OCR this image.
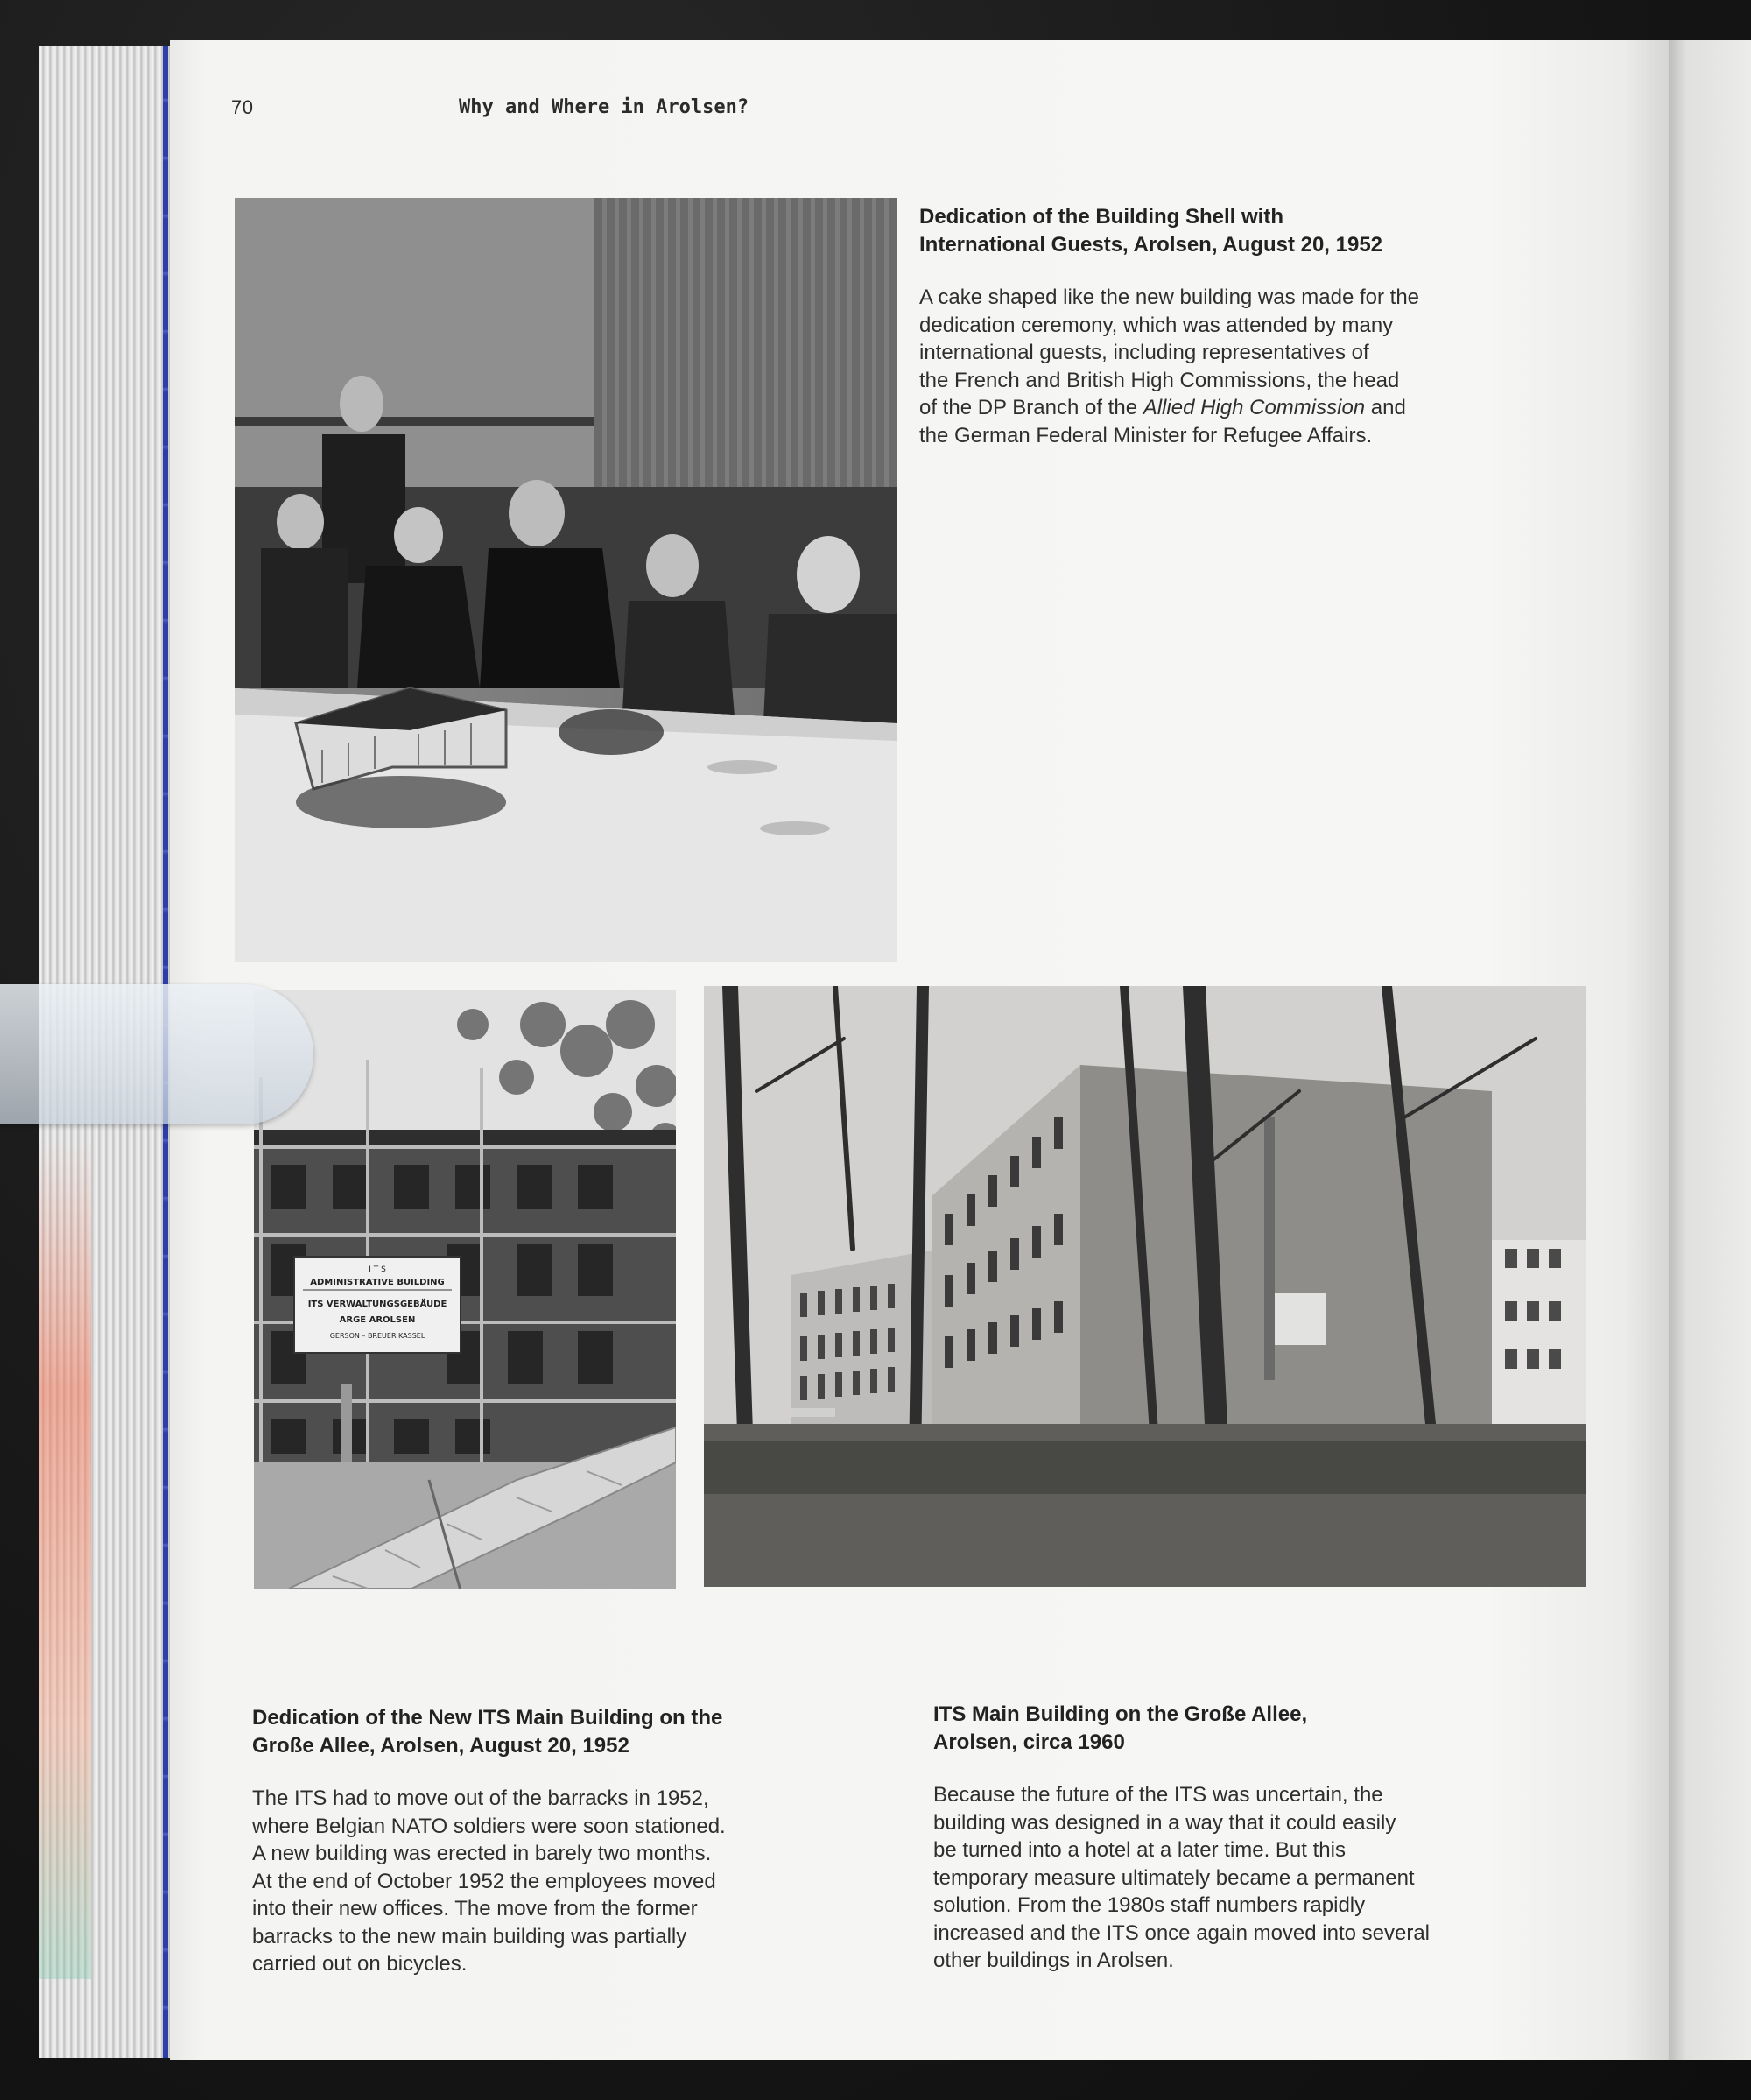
70	Why and Where in Arolsen?
Dedication of the Building Shell with
International Guests, Arolsen, August 20, 1952
A cake shaped like the new building was made for the
dedication ceremony, which was attended by many
international guests, including representatives of
the French and British High Commissions, the head
of the DP Branch of the Allied High Commission and
the German Federal Minister for Refugee Affairs.
I T S
ADMINISTRATIVE BUILDING
ITS VERWALTUNGSGEBÄUDE
ARGE AROLSEN
GERSON – BREUER KASSEL
Dedication of the New ITS Main Building on the
Große Allee, Arolsen, August 20, 1952
The ITS had to move out of the barracks in 1952,
where Belgian NATO soldiers were soon stationed.
A new building was erected in barely two months.
At the end of October 1952 the employees moved
into their new offices. The move from the former
barracks to the new main building was partially
carried out on bicycles.
ITS Main Building on the Große Allee,
Arolsen, circa 1960
Because the future of the ITS was uncertain, the
building was designed in a way that it could easily
be turned into a hotel at a later time. But this
temporary measure ultimately became a permanent
solution. From the 1980s staff numbers rapidly
increased and the ITS once again moved into several
other buildings in Arolsen.
